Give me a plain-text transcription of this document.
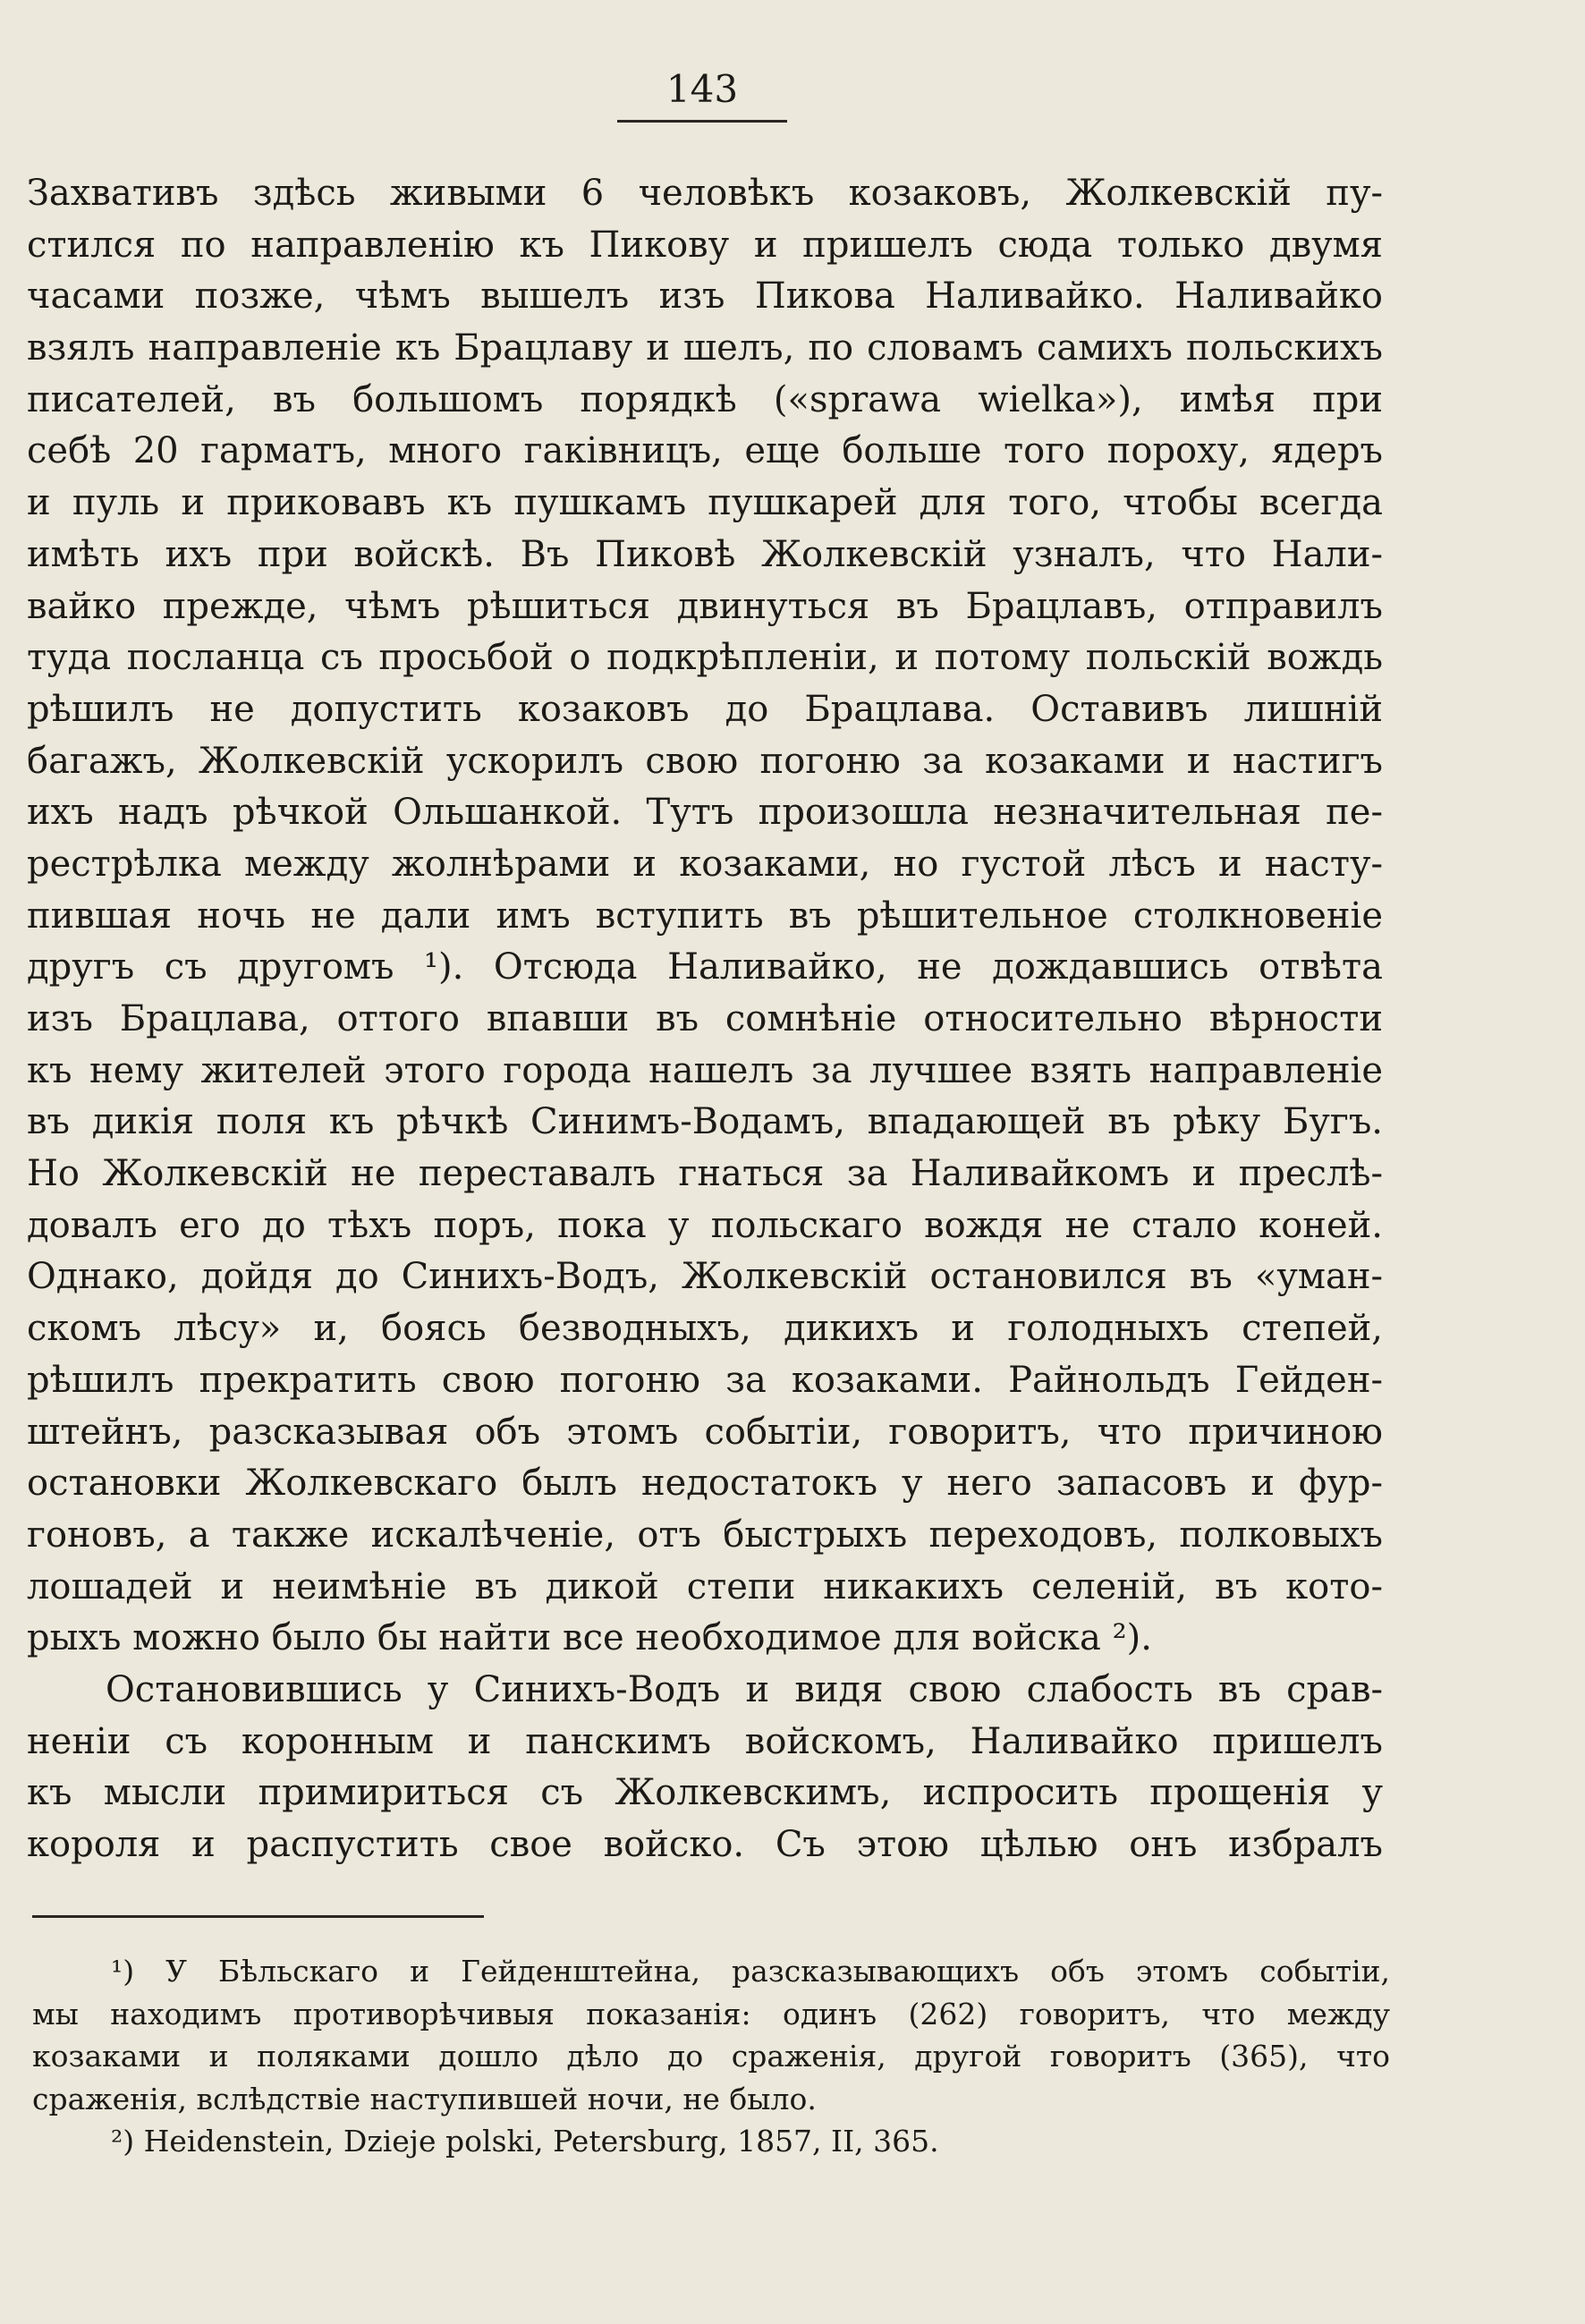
143
Захвативъ здѣсь живыми 6 человѣкъ козаковъ, Жолкевскій пу-
стился по направленію къ Пикову и пришелъ сюда только двумя
часами позже, чѣмъ вышелъ изъ Пикова Наливайко. Наливайко
взялъ направленіе къ Брацлаву и шелъ, по словамъ самихъ польскихъ
писателей, въ большомъ порядкѣ («sprawa wielka»), имѣя при
себѣ 20 гарматъ, много гаківницъ, еще больше того пороху, ядеръ
и пуль и приковавъ къ пушкамъ пушкарей для того, чтобы всегда
имѣть ихъ при войскѣ. Въ Пиковѣ Жолкевскій узналъ, что Нали-
вайко прежде, чѣмъ рѣшиться двинуться въ Брацлавъ, отправилъ
туда посланца съ просьбой о подкрѣпленіи, и потому польскій вождь
рѣшилъ не допустить козаковъ до Брацлава. Оставивъ лишній
багажъ, Жолкевскій ускорилъ свою погоню за козаками и настигъ
ихъ надъ рѣчкой Ольшанкой. Тутъ произошла незначительная пе-
рестрѣлка между жолнѣрами и козаками, но густой лѣсъ и насту-
пившая ночь не дали имъ вступить въ рѣшительное столкновеніе
другъ съ другомъ ¹). Отсюда Наливайко, не дождавшись отвѣта
изъ Брацлава, оттого впавши въ сомнѣніе относительно вѣрности
къ нему жителей этого города нашелъ за лучшее взять направленіе
въ дикія поля къ рѣчкѣ Синимъ-Водамъ, впадающей въ рѣку Бугъ.
Но Жолкевскій не переставалъ гнаться за Наливайкомъ и преслѣ-
довалъ его до тѣхъ поръ, пока у польскаго вождя не стало коней.
Однако, дойдя до Синихъ-Водъ, Жолкевскій остановился въ «уман-
скомъ лѣсу» и, боясь безводныхъ, дикихъ и голодныхъ степей,
рѣшилъ прекратить свою погоню за козаками. Райнольдъ Гейден-
штейнъ, разсказывая объ этомъ событіи, говоритъ, что причиною
остановки Жолкевскаго былъ недостатокъ у него запасовъ и фур-
гоновъ, а также искалѣченіе, отъ быстрыхъ переходовъ, полковыхъ
лошадей и неимѣніе въ дикой степи никакихъ селеній, въ кото-
рыхъ можно было бы найти все необходимое для войска ²).
Остановившись у Синихъ-Водъ и видя свою слабость въ срав-
неніи съ коронным и панскимъ войскомъ, Наливайко пришелъ
къ мысли примириться съ Жолкевскимъ, испросить прощенія у
короля и распустить свое войско. Съ этою цѣлью онъ избралъ
¹) У Бѣльскаго и Гейденштейна, разсказывающихъ объ этомъ событіи,
мы находимъ противорѣчивыя показанія: одинъ (262) говоритъ, что между
козаками и поляками дошло дѣло до сраженія, другой говоритъ (365), что
сраженія, вслѣдствіе наступившей ночи, не было.
²) Heidenstein, Dzieje polski, Petersburg, 1857, II, 365.
